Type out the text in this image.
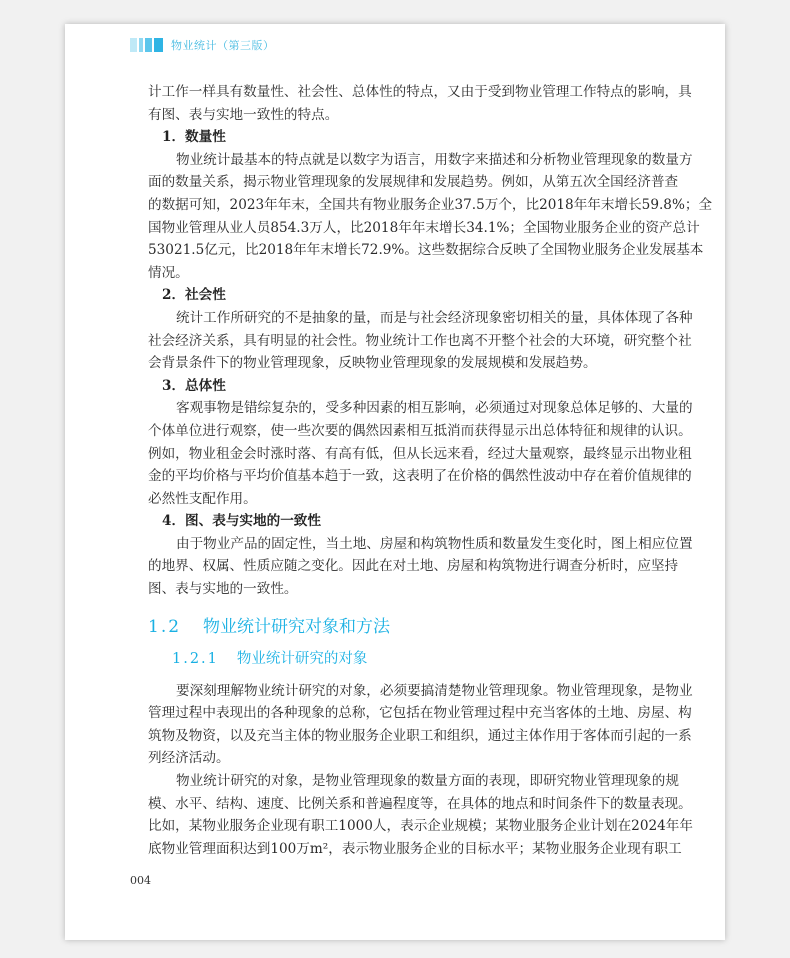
物业统计（第三版）
计工作一样具有数量性、社会性、总体性的特点，又由于受到物业管理工作特点的影响，具
有图、表与实地一致性的特点。
1．数量性
物业统计最基本的特点就是以数字为语言，用数字来描述和分析物业管理现象的数量方
面的数量关系，揭示物业管理现象的发展规律和发展趋势。例如，从第五次全国经济普查
的数据可知，2023年年末，全国共有物业服务企业37.5万个，比2018年年末增长59.8%；全
国物业管理从业人员854.3万人，比2018年年末增长34.1%；全国物业服务企业的资产总计
53021.5亿元，比2018年年末增长72.9%。这些数据综合反映了全国物业服务企业发展基本
情况。
2．社会性
统计工作所研究的不是抽象的量，而是与社会经济现象密切相关的量，具体体现了各种
社会经济关系，具有明显的社会性。物业统计工作也离不开整个社会的大环境，研究整个社
会背景条件下的物业管理现象，反映物业管理现象的发展规模和发展趋势。
3．总体性
客观事物是错综复杂的，受多种因素的相互影响，必须通过对现象总体足够的、大量的
个体单位进行观察，使一些次要的偶然因素相互抵消而获得显示出总体特征和规律的认识。
例如，物业租金会时涨时落、有高有低，但从长远来看，经过大量观察，最终显示出物业租
金的平均价格与平均价值基本趋于一致，这表明了在价格的偶然性波动中存在着价值规律的
必然性支配作用。
4．图、表与实地的一致性
由于物业产品的固定性，当土地、房屋和构筑物性质和数量发生变化时，图上相应位置
的地界、权属、性质应随之变化。因此在对土地、房屋和构筑物进行调查分析时，应坚持
图、表与实地的一致性。
1.2 物业统计研究对象和方法
1.2.1 物业统计研究的对象
要深刻理解物业统计研究的对象，必须要搞清楚物业管理现象。物业管理现象，是物业
管理过程中表现出的各种现象的总称，它包括在物业管理过程中充当客体的土地、房屋、构
筑物及物资，以及充当主体的物业服务企业职工和组织，通过主体作用于客体而引起的一系
列经济活动。
物业统计研究的对象，是物业管理现象的数量方面的表现，即研究物业管理现象的规
模、水平、结构、速度、比例关系和普遍程度等，在具体的地点和时间条件下的数量表现。
比如，某物业服务企业现有职工1000人，表示企业规模；某物业服务企业计划在2024年年
底物业管理面积达到100万m²，表示物业服务企业的目标水平；某物业服务企业现有职工
004
